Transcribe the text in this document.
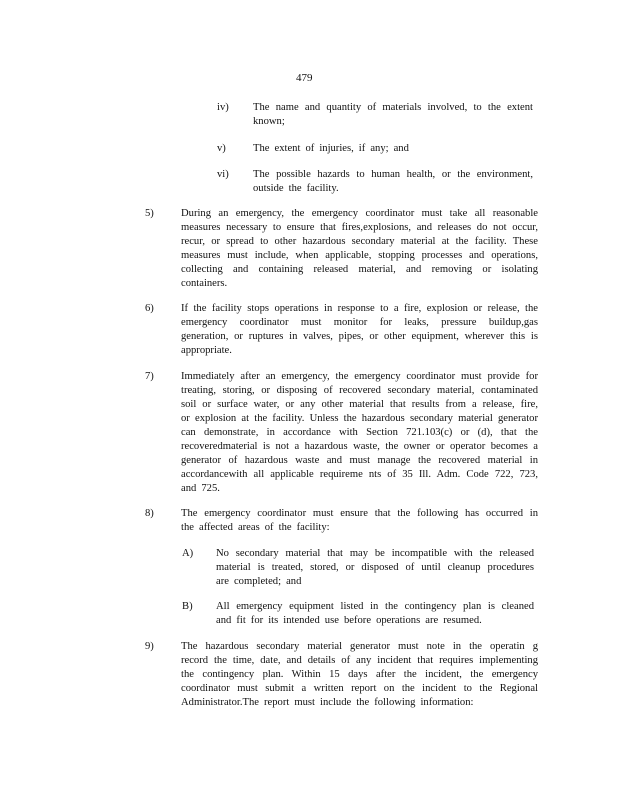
479
iv) The name and quantity of materials involved, to the extent known;
v)	The extent of injuries, if any; and
vi) The possible hazards to human health, or the environment, outside the facility.
5)	During an emergency, the emergency coordinator must take all reasonable measures necessary to ensure that fires,explosions, and releases do not occur, recur, or spread to other hazardous secondary material at the facility. These measures must include, when applicable, stopping processes and operations, collecting and containing released material, and removing or isolating containers.
6)	If the facility stops operations in response to a fire, explosion or release, the emergency coordinator must monitor for leaks, pressure buildup,gas generation, or ruptures in valves, pipes, or other equipment, wherever this is appropriate.
7)	Immediately after an emergency, the emergency coordinator must provide for treating, storing, or disposing of recovered secondary material, contaminated soil or surface water, or any other material that results from a release, fire, or explosion at the facility. Unless the hazardous secondary material generator can demonstrate, in accordance with Section 721.103(c) or (d), that the recoveredmaterial is not a hazardous waste, the owner or operator becomes a generator of hazardous waste and must manage the recovered material in accordancewith all applicable requireme nts of 35 Ill. Adm. Code 722, 723, and 725.
8)	The emergency coordinator must ensure that the following has occurred in the affected areas of the facility:
A) No secondary material that may be incompatible with the released material is treated, stored, or disposed of until cleanup procedures are completed; and
B) All emergency equipment listed in the contingency plan is cleaned and fit for its intended use before operations are resumed.
9)	The hazardous secondary material generator must note in the operatin g record the time, date, and details of any incident that requires implementing the contingency plan. Within 15 days after the incident, the emergency coordinator must submit a written report on the incident to the Regional Administrator.The report must include the following information:
